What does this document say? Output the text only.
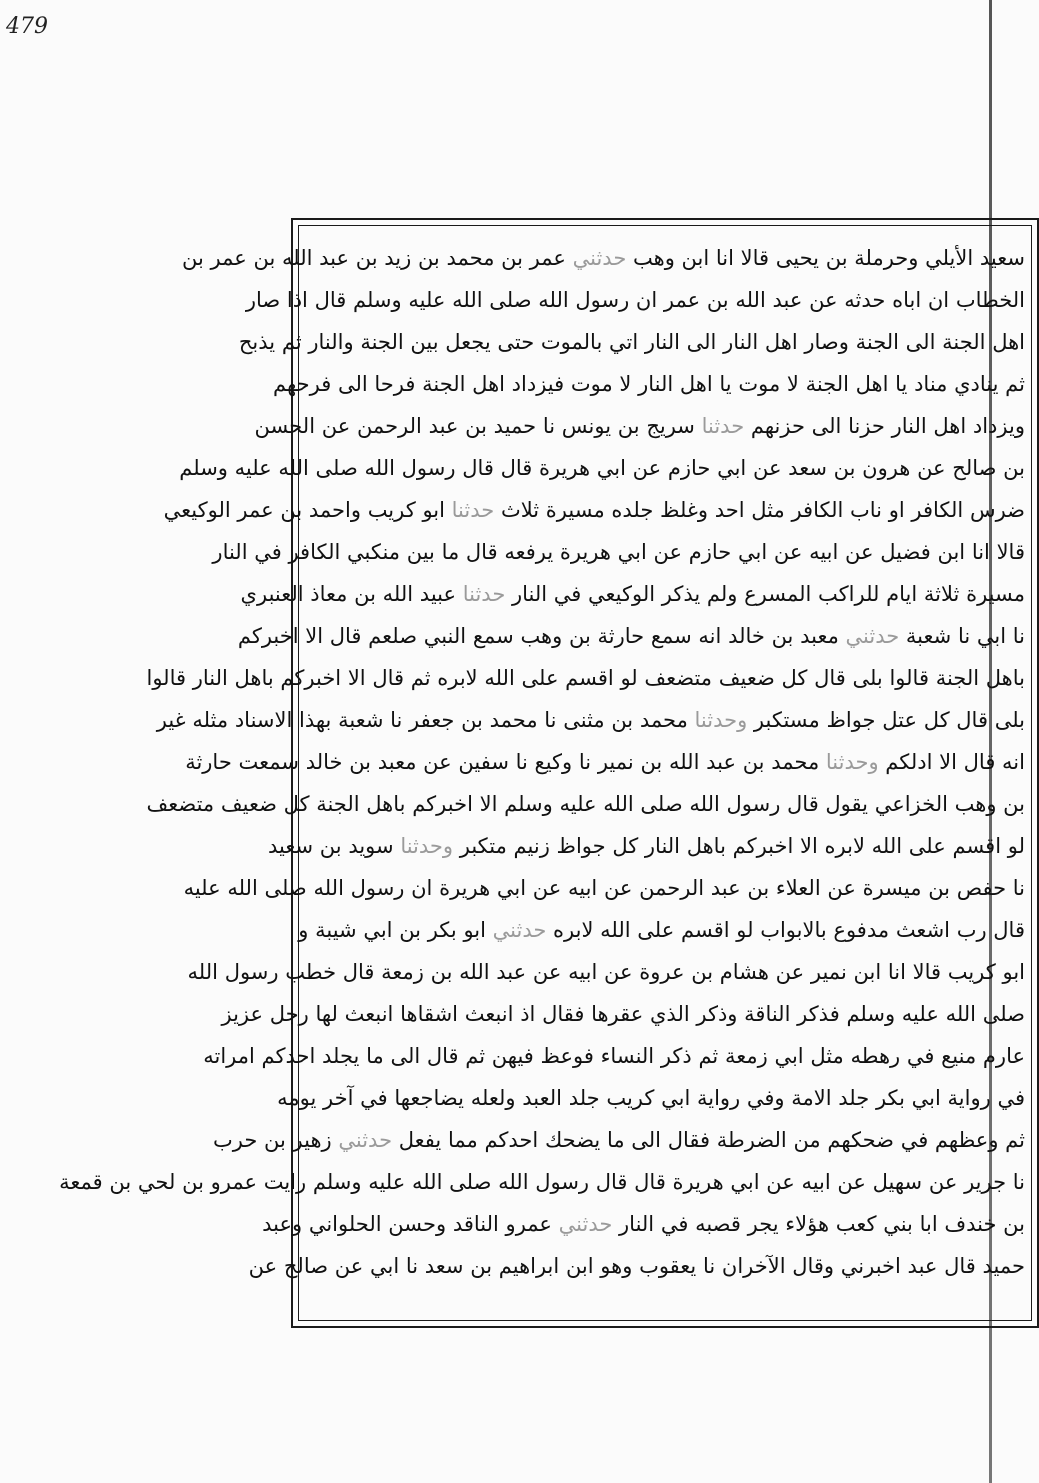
479
سعيد الأيلي وحرملة بن يحيى قالا انا ابن وهب حدثني عمر بن محمد بن زيد بن عبد الله بن عمر بن
الخطاب ان اباه حدثه عن عبد الله بن عمر ان رسول الله صلى الله عليه وسلم قال اذا صار
اهل الجنة الى الجنة وصار اهل النار الى النار اتي بالموت حتى يجعل بين الجنة والنار ثم يذبح
ثم ينادي مناد يا اهل الجنة لا موت يا اهل النار لا موت فيزداد اهل الجنة فرحا الى فرحهم
ويزداد اهل النار حزنا الى حزنهم حدثنا سريج بن يونس نا حميد بن عبد الرحمن عن الحسن
بن صالح عن هرون بن سعد عن ابي حازم عن ابي هريرة قال قال رسول الله صلى الله عليه وسلم
ضرس الكافر او ناب الكافر مثل احد وغلظ جلده مسيرة ثلاث حدثنا ابو كريب واحمد بن عمر الوكيعي
قالا انا ابن فضيل عن ابيه عن ابي حازم عن ابي هريرة يرفعه قال ما بين منكبي الكافر في النار
مسيرة ثلاثة ايام للراكب المسرع ولم يذكر الوكيعي في النار حدثنا عبيد الله بن معاذ العنبري
نا ابي نا شعبة حدثني معبد بن خالد انه سمع حارثة بن وهب سمع النبي صلعم قال الا اخبركم
باهل الجنة قالوا بلى قال كل ضعيف متضعف لو اقسم على الله لابره ثم قال الا اخبركم باهل النار قالوا
بلى قال كل عتل جواظ مستكبر وحدثنا محمد بن مثنى نا محمد بن جعفر نا شعبة بهذا الاسناد مثله غير
انه قال الا ادلكم وحدثنا محمد بن عبد الله بن نمير نا وكيع نا سفين عن معبد بن خالد سمعت حارثة
بن وهب الخزاعي يقول قال رسول الله صلى الله عليه وسلم الا اخبركم باهل الجنة كل ضعيف متضعف
لو اقسم على الله لابره الا اخبركم باهل النار كل جواظ زنيم متكبر وحدثنا سويد بن سعيد
نا حفص بن ميسرة عن العلاء بن عبد الرحمن عن ابيه عن ابي هريرة ان رسول الله صلى الله عليه
قال رب اشعث مدفوع بالابواب لو اقسم على الله لابره حدثني ابو بكر بن ابي شيبة و
ابو كريب قالا انا ابن نمير عن هشام بن عروة عن ابيه عن عبد الله بن زمعة قال خطب رسول الله
صلى الله عليه وسلم فذكر الناقة وذكر الذي عقرها فقال اذ انبعث اشقاها انبعث لها رجل عزيز
عارم منيع في رهطه مثل ابي زمعة ثم ذكر النساء فوعظ فيهن ثم قال الى ما يجلد احدكم امراته
في رواية ابي بكر جلد الامة وفي رواية ابي كريب جلد العبد ولعله يضاجعها في آخر يومه
ثم وعظهم في ضحكهم من الضرطة فقال الى ما يضحك احدكم مما يفعل حدثني زهير بن حرب
نا جرير عن سهيل عن ابيه عن ابي هريرة قال قال رسول الله صلى الله عليه وسلم رايت عمرو بن لحي بن قمعة
بن خندف ابا بني كعب هؤلاء يجر قصبه في النار حدثني عمرو الناقد وحسن الحلواني وعبد
حميد قال عبد اخبرني وقال الآخران نا يعقوب وهو ابن ابراهيم بن سعد نا ابي عن صالح عن
